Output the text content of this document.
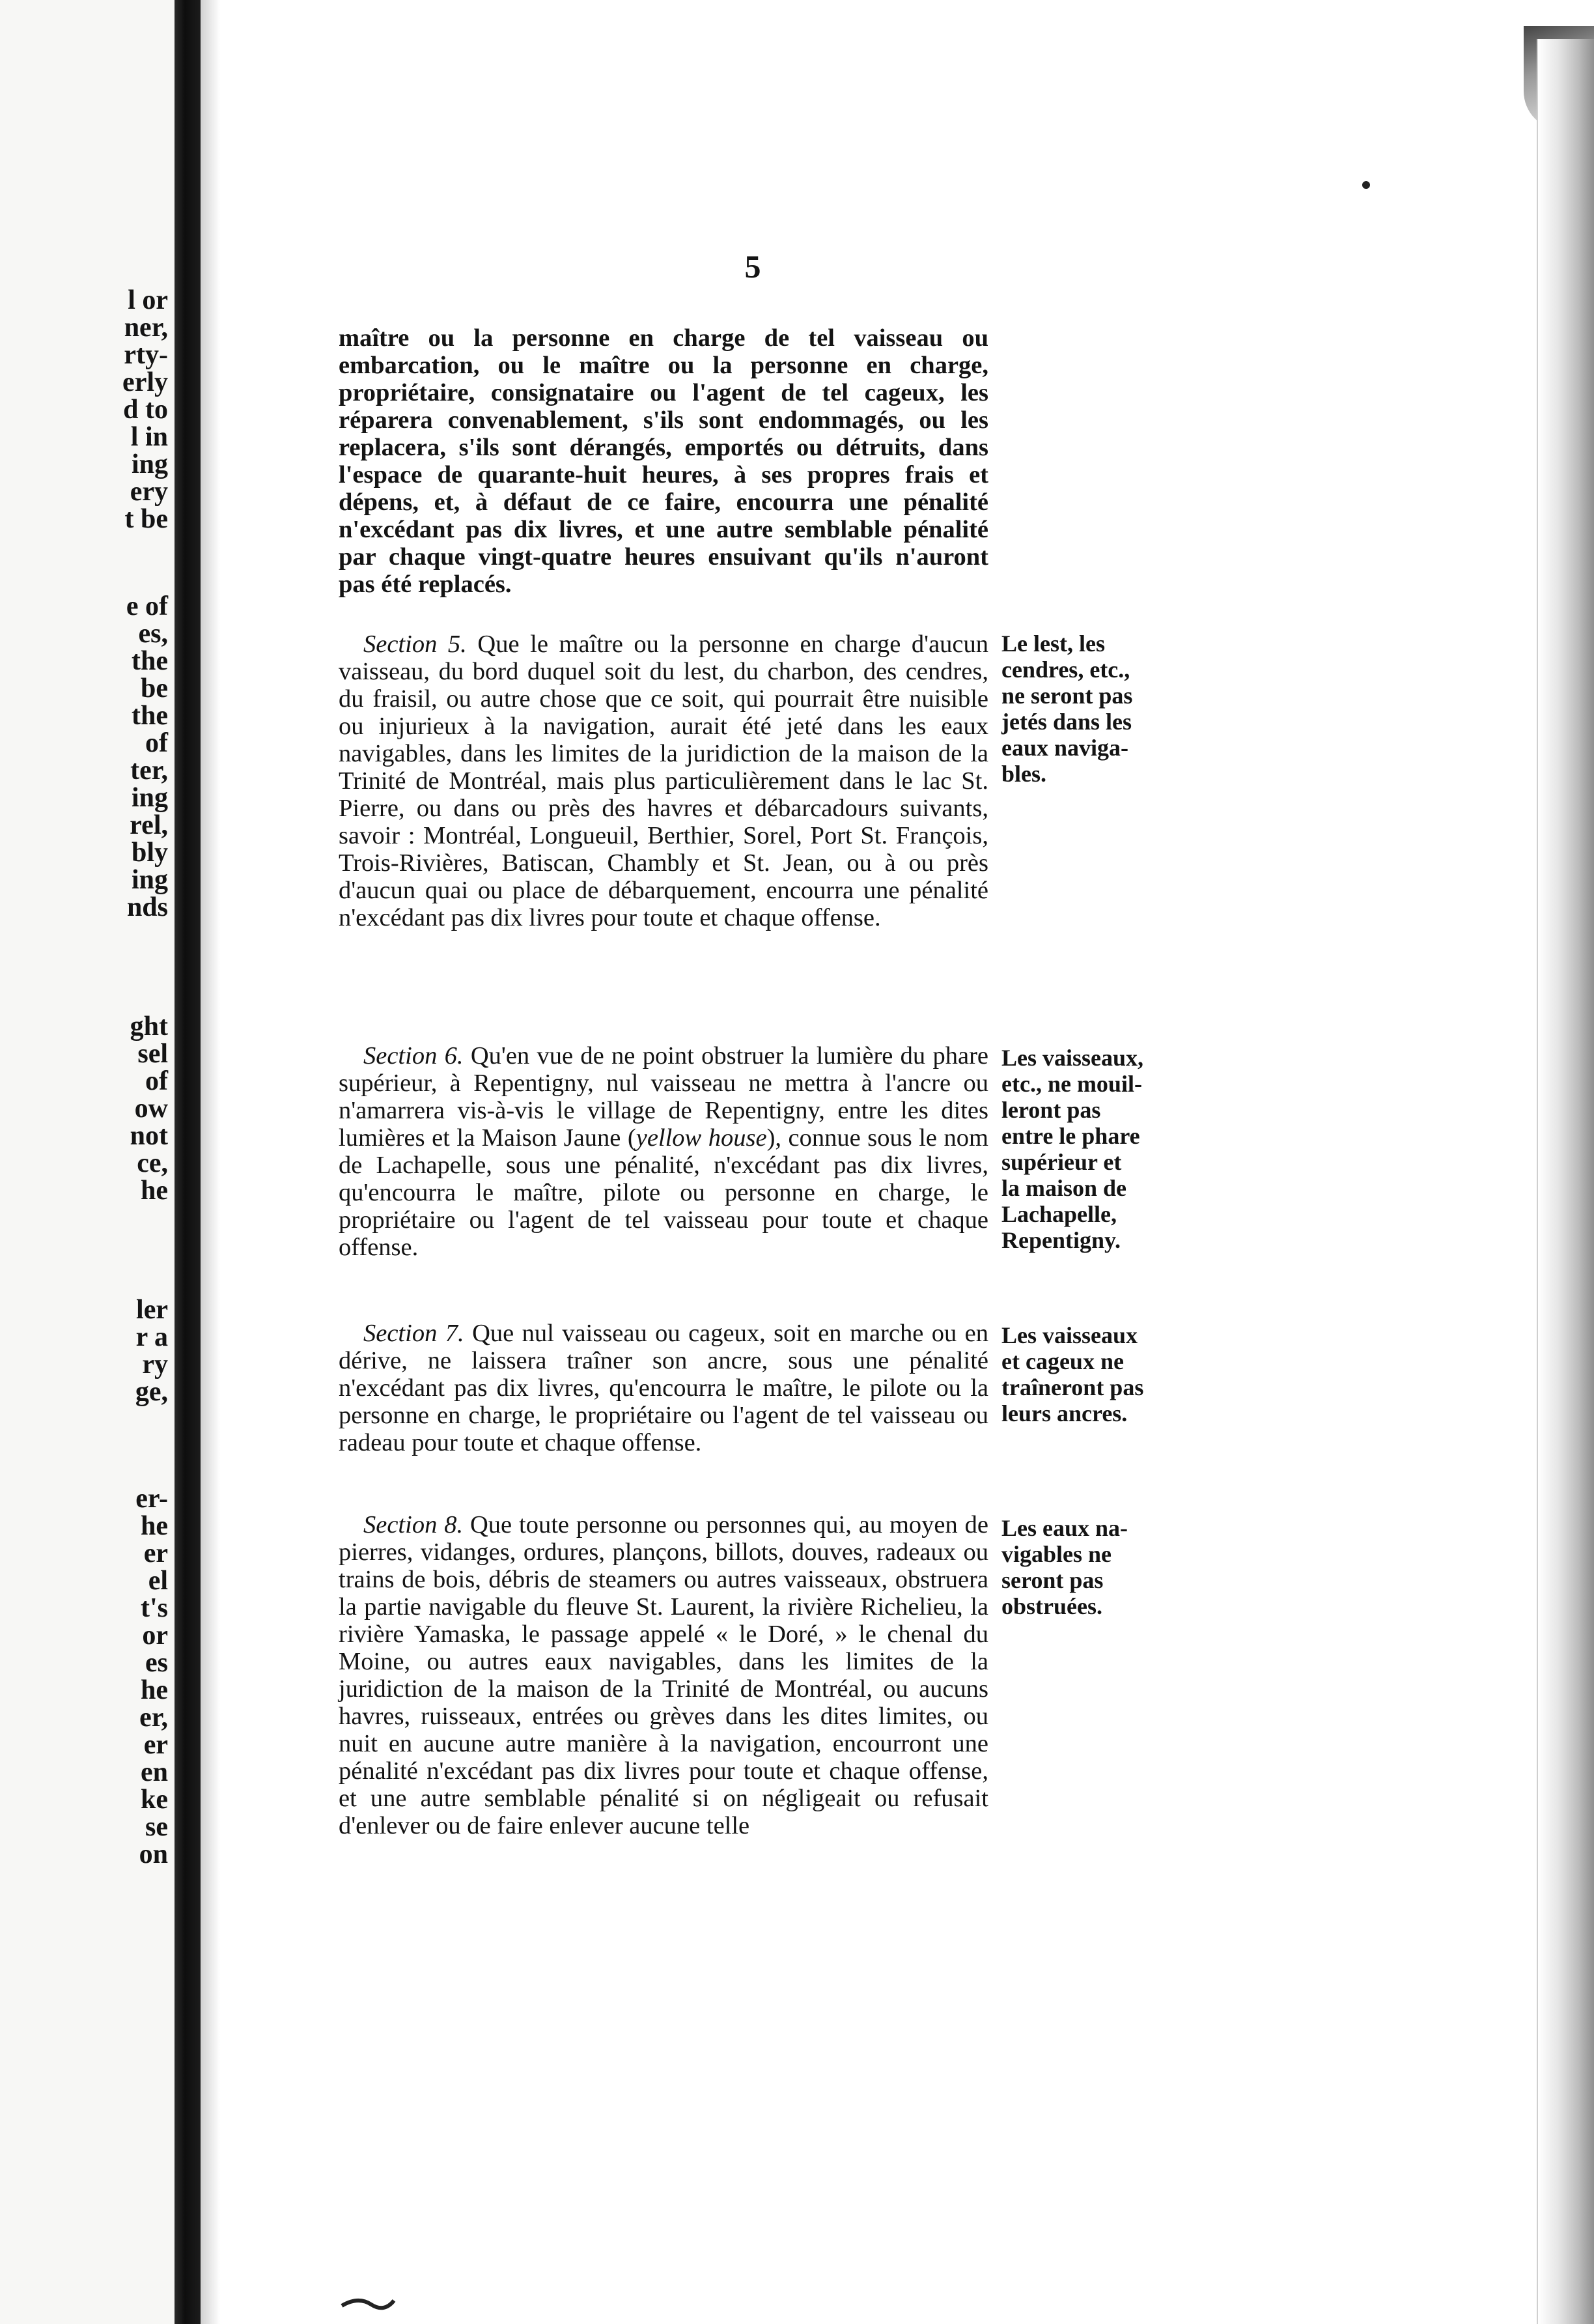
l or
ner,
rty-
erly
d to
l in
ing
ery
t be
e of
es,
the
be
the
of
ter,
ing
rel,
bly
ing
nds
ght
sel
of
ow
not
ce,
he
ler
r a
ry
ge,
er-
he
er
el
t's
or
es
he
er,
er
en
ke
se
on
5

maître ou la personne en charge de tel vaisseau ou embarcation, ou le maître ou la personne en charge, propriétaire, consignataire ou l'agent de tel cageux, les réparera convenablement, s'ils sont endommagés, ou les replacera, s'ils sont dérangés, emportés ou détruits, dans l'espace de quarante-huit heures, à ses propres frais et dépens, et, à défaut de ce faire, encourra une pénalité n'excédant pas dix livres, et une autre semblable pénalité par chaque vingt-quatre heures ensuivant qu'ils n'auront pas été replacés.

Section 5. Que le maître ou la personne en charge d'aucun vaisseau, du bord duquel soit du lest, du charbon, des cendres, du fraisil, ou autre chose que ce soit, qui pourrait être nuisible ou injurieux à la navigation, aurait été jeté dans les eaux navigables, dans les limites de la juridiction de la maison de la Trinité de Montréal, mais plus particulièrement dans le lac St. Pierre, ou dans ou près des havres et débarcadours suivants, savoir : Montréal, Longueuil, Berthier, Sorel, Port St. François, Trois-Rivières, Batiscan, Chambly et St. Jean, ou à ou près d'aucun quai ou place de débarquement, encourra une pénalité n'excédant pas dix livres pour toute et chaque offense.

Le lest, les
cendres, etc.,
ne seront pas
jetés dans les
eaux naviga-
bles.

Section 6. Qu'en vue de ne point obstruer la lumière du phare supérieur, à Repentigny, nul vaisseau ne mettra à l'ancre ou n'amarrera vis-à-vis le village de Repentigny, entre les dites lumières et la Maison Jaune (yellow house), connue sous le nom de Lachapelle, sous une pénalité, n'excédant pas dix livres, qu'encourra le maître, pilote ou personne en charge, le propriétaire ou l'agent de tel vaisseau pour toute et chaque offense.

Les vaisseaux,
etc., ne mouil-
leront pas
entre le phare
supérieur et
la maison de
Lachapelle,
Repentigny.

Section 7. Que nul vaisseau ou cageux, soit en marche ou en dérive, ne laissera traîner son ancre, sous une pénalité n'excédant pas dix livres, qu'encourra le maître, le pilote ou la personne en charge, le propriétaire ou l'agent de tel vaisseau ou radeau pour toute et chaque offense.

Les vaisseaux
et cageux ne
traîneront pas
leurs ancres.

Section 8. Que toute personne ou personnes qui, au moyen de pierres, vidanges, ordures, plançons, billots, douves, radeaux ou trains de bois, débris de steamers ou autres vaisseaux, obstruera la partie navigable du fleuve St. Laurent, la rivière Richelieu, la rivière Yamaska, le passage appelé « le Doré, » le chenal du Moine, ou autres eaux navigables, dans les limites de la juridiction de la maison de la Trinité de Montréal, ou aucuns havres, ruisseaux, entrées ou grèves dans les dites limites, ou nuit en aucune autre manière à la navigation, encourront une pénalité n'excédant pas dix livres pour toute et chaque offense, et une autre semblable pénalité si on négligeait ou refusait d'enlever ou de faire enlever aucune telle

Les eaux na-
vigables ne
seront pas
obstruées.
